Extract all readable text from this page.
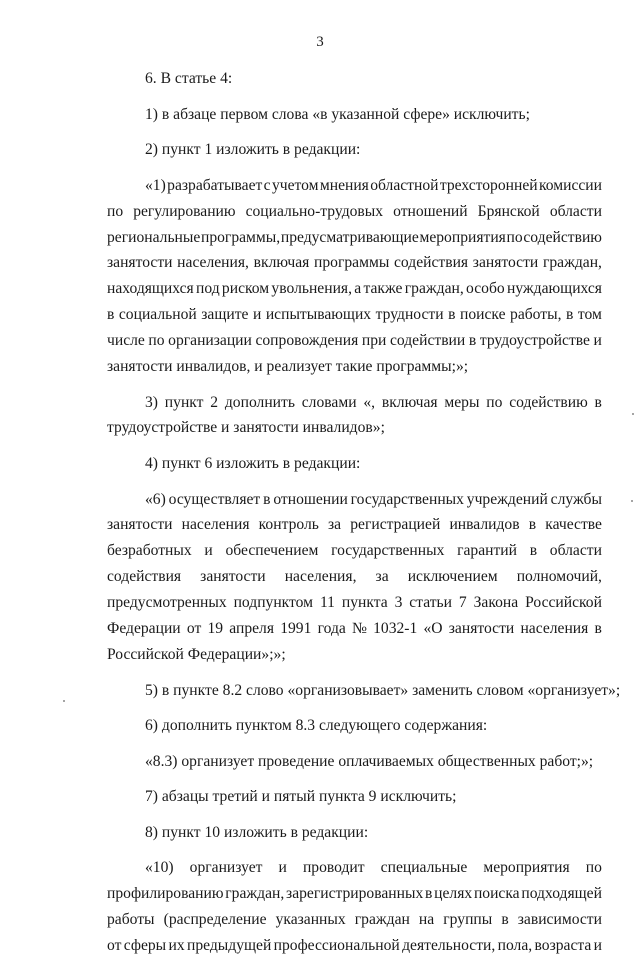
3
6. В статье 4:
1) в абзаце первом слова «в указанной сфере» исключить;
2) пункт 1 изложить в редакции:
«1) разрабатывает с учетом мнения областной трехсторонней комиссии
по регулированию социально-трудовых отношений Брянской области
региональные программы, предусматривающие мероприятия по содействию
занятости населения, включая программы содействия занятости граждан,
находящихся под риском увольнения, а также граждан, особо нуждающихся
в социальной защите и испытывающих трудности в поиске работы, в том
числе по организации сопровождения при содействии в трудоустройстве и
занятости инвалидов, и реализует такие программы;»;
3) пункт 2 дополнить словами «, включая меры по содействию в
трудоустройстве и занятости инвалидов»;
4) пункт 6 изложить в редакции:
«6) осуществляет в отношении государственных учреждений службы
занятости населения контроль за регистрацией инвалидов в качестве
безработных и обеспечением государственных гарантий в области
содействия занятости населения, за исключением полномочий,
предусмотренных подпунктом 11 пункта 3 статьи 7 Закона Российской
Федерации от 19 апреля 1991 года № 1032-1 «О занятости населения в
Российской Федерации»;»;
5) в пункте 8.2 слово «организовывает» заменить словом «организует»;
6) дополнить пунктом 8.3 следующего содержания:
«8.3) организует проведение оплачиваемых общественных работ;»;
7) абзацы третий и пятый пункта 9 исключить;
8) пункт 10 изложить в редакции:
«10) организует и проводит специальные мероприятия по
профилированию граждан, зарегистрированных в целях поиска подходящей
работы (распределение указанных граждан на группы в зависимости
от сферы их предыдущей профессиональной деятельности, пола, возраста и
